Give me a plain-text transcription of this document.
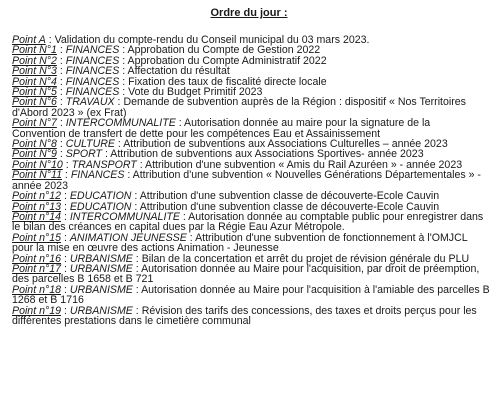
Ordre du jour :
Point A : Validation du compte-rendu du Conseil municipal du 03 mars 2023.
Point N°1 : FINANCES : Approbation du Compte de Gestion 2022
Point N°2 : FINANCES : Approbation du Compte Administratif 2022
Point N°3 : FINANCES : Affectation du résultat
Point N°4 : FINANCES : Fixation des taux de fiscalité directe locale
Point N°5 : FINANCES : Vote du Budget Primitif 2023
Point N°6 : TRAVAUX : Demande de subvention auprès de la Région : dispositif « Nos Territoires
d'Abord 2023 » (ex Frat)
Point N°7 : INTERCOMMUNALITE : Autorisation donnée au maire pour la signature de la
Convention de transfert de dette pour les compétences Eau et Assainissement
Point N°8 : CULTURE : Attribution de subventions aux Associations Culturelles – année 2023
Point N°9 : SPORT : Attribution de subventions aux Associations Sportives- année 2023
Point N°10 : TRANSPORT : Attribution d'une subvention « Amis du Rail Azuréen » - année 2023
Point N°11 : FINANCES : Attribution d'une subvention « Nouvelles Générations Départementales » -
année 2023
Point n°12 : EDUCATION : Attribution d'une subvention classe de découverte-Ecole Cauvin
Point n°13 : EDUCATION : Attribution d'une subvention classe de découverte-Ecole Cauvin
Point n°14 : INTERCOMMUNALITE : Autorisation donnée au comptable public pour enregistrer dans
le bilan des créances en capital dues par la Régie Eau Azur Métropole.
Point n°15 : ANIMATION JEUNESSE : Attribution d'une subvention de fonctionnement à l'OMJCL
pour la mise en œuvre des actions Animation - Jeunesse
Point n°16 : URBANISME : Bilan de la concertation et arrêt du projet de révision générale du PLU
Point n°17 : URBANISME : Autorisation donnée au Maire pour l'acquisition, par droit de préemption,
des parcelles B 1658 et B 721
Point n°18 : URBANISME : Autorisation donnée au Maire pour l'acquisition à l'amiable des parcelles B
1268 et B 1716
Point n°19 : URBANISME : Révision des tarifs des concessions, des taxes et droits perçus pour les
différentes prestations dans le cimetière communal
